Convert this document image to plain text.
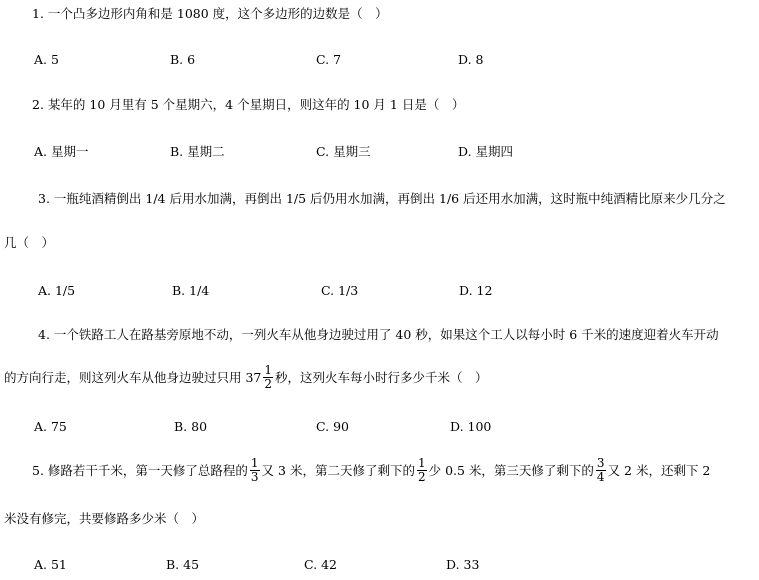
1. 一个凸多边形内角和是 1080 度，这个多边形的边数是（　）
A. 5	B. 6	C. 7	D. 8
2. 某年的 10 月里有 5 个星期六，4 个星期日，则这年的 10 月 1 日是（　）
A. 星期一	B. 星期二	C. 星期三	D. 星期四
3. 一瓶纯酒精倒出 1/4 后用水加满，再倒出 1/5 后仍用水加满，再倒出 1/6 后还用水加满，这时瓶中纯酒精比原来少几分之
几（　）
A. 1/5	B. 1/4	C. 1/3	D. 12
4. 一个铁路工人在路基旁原地不动，一列火车从他身边驶过用了 40 秒，如果这个工人以每小时 6 千米的速度迎着火车开动
的方向行走，则这列火车从他身边驶过只用 $37 \frac{1}{2}$ 秒，这列火车每小时行多少千米（　）
A. 75	B. 80	C. 90	D. 100
5. 修路若干千米，第一天修了总路程的 $\frac{1}{3}$ 又 3 米，第二天修了剩下的 $\frac{1}{2}$ 少 0.5 米，第三天修了剩下的 $\frac{3}{4}$ 又 2 米，还剩下 2
米没有修完，共要修路多少米（　）
A. 51	B. 45	C. 42	D. 33
